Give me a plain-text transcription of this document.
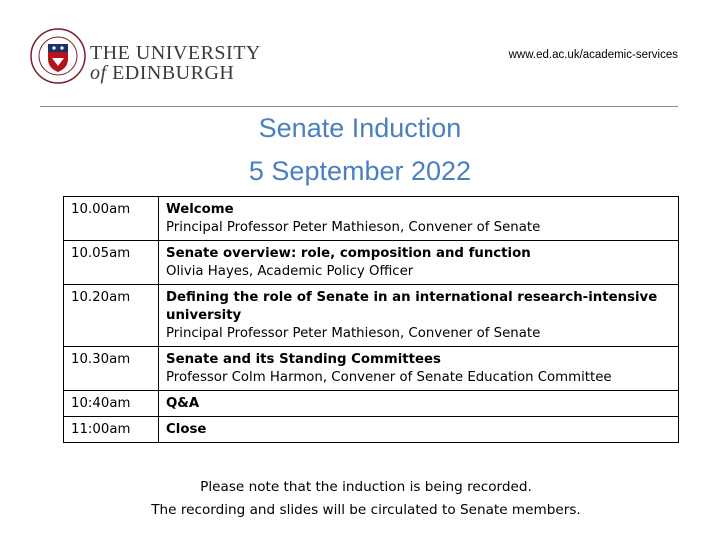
THE UNIVERSITY
of EDINBURGH
www.ed.ac.uk/academic-services
Senate Induction
5 September 2022
10.00am	Welcome
Principal Professor Peter Mathieson, Convener of Senate

10.05am	Senate overview: role, composition and function
Olivia Hayes, Academic Policy Officer

10.20am	Defining the role of Senate in an international research-intensive university
Principal Professor Peter Mathieson, Convener of Senate

10.30am	Senate and its Standing Committees
Professor Colm Harmon, Convener of Senate Education Committee

10:40am	Q&A

11:00am	Close
Please note that the induction is being recorded.
The recording and slides will be circulated to Senate members.
